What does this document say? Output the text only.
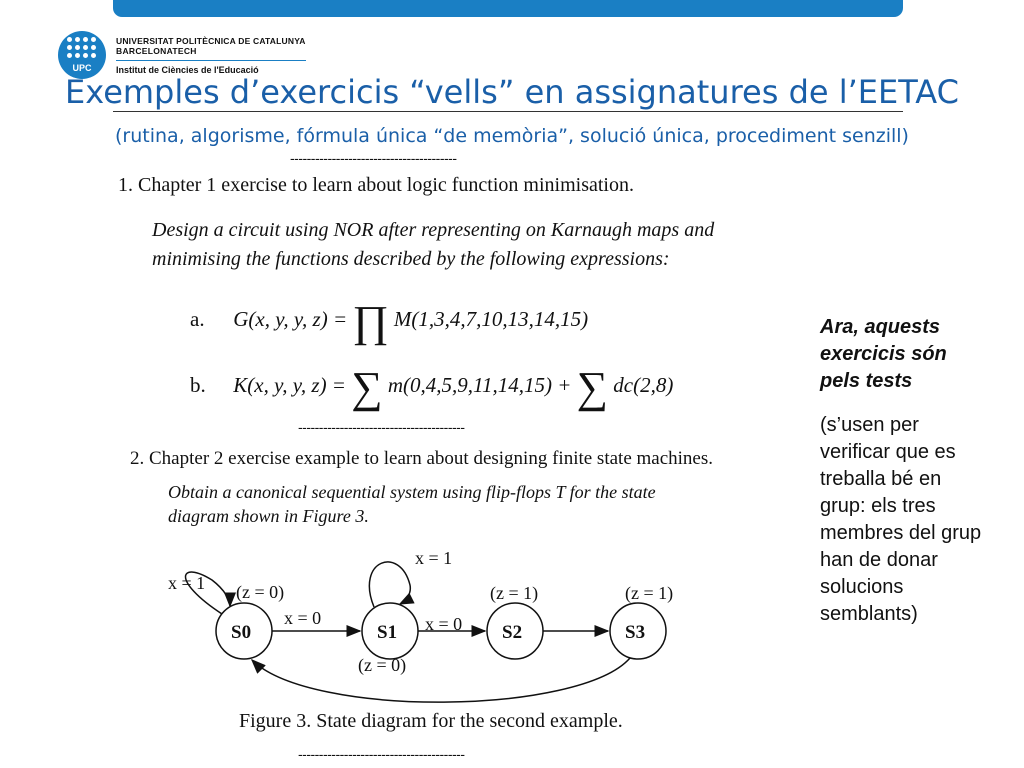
UPC
UNIVERSITAT POLITÈCNICA DE CATALUNYA
BARCELONATECH
Institut de Ciències de l'Educació
Exemples d’exercicis “vells” en assignatures de l’EETAC
(rutina, algorisme, fórmula única “de memòria”, solució única, procediment senzill)
----------------------------------------
1. Chapter 1 exercise to learn about logic function minimisation.
Design a circuit using NOR after representing on Karnaugh maps and
minimising the functions described by the following expressions:
a. G(x, y, y, z) = ∏ M(1,3,4,7,10,13,14,15)
b. K(x, y, y, z) = ∑ m(0,4,5,9,11,14,15) + ∑ dc(2,8)
----------------------------------------
2. Chapter 2 exercise example to learn about designing finite state machines.
Obtain a canonical sequential system using flip-flops T for the state
diagram shown in Figure 3.
x = 1 (z = 0)
x = 0
x = 1
x = 0
(z = 0)
(z = 1)	(z = 1)
S0	S1	S2	S3
Figure 3. State diagram for the second example.
----------------------------------------
Ara, aquests
exercicis són
pels tests
(s’usen per
verificar que es
treballa bé en
grup: els tres
membres del grup
han de donar
solucions
semblants)
